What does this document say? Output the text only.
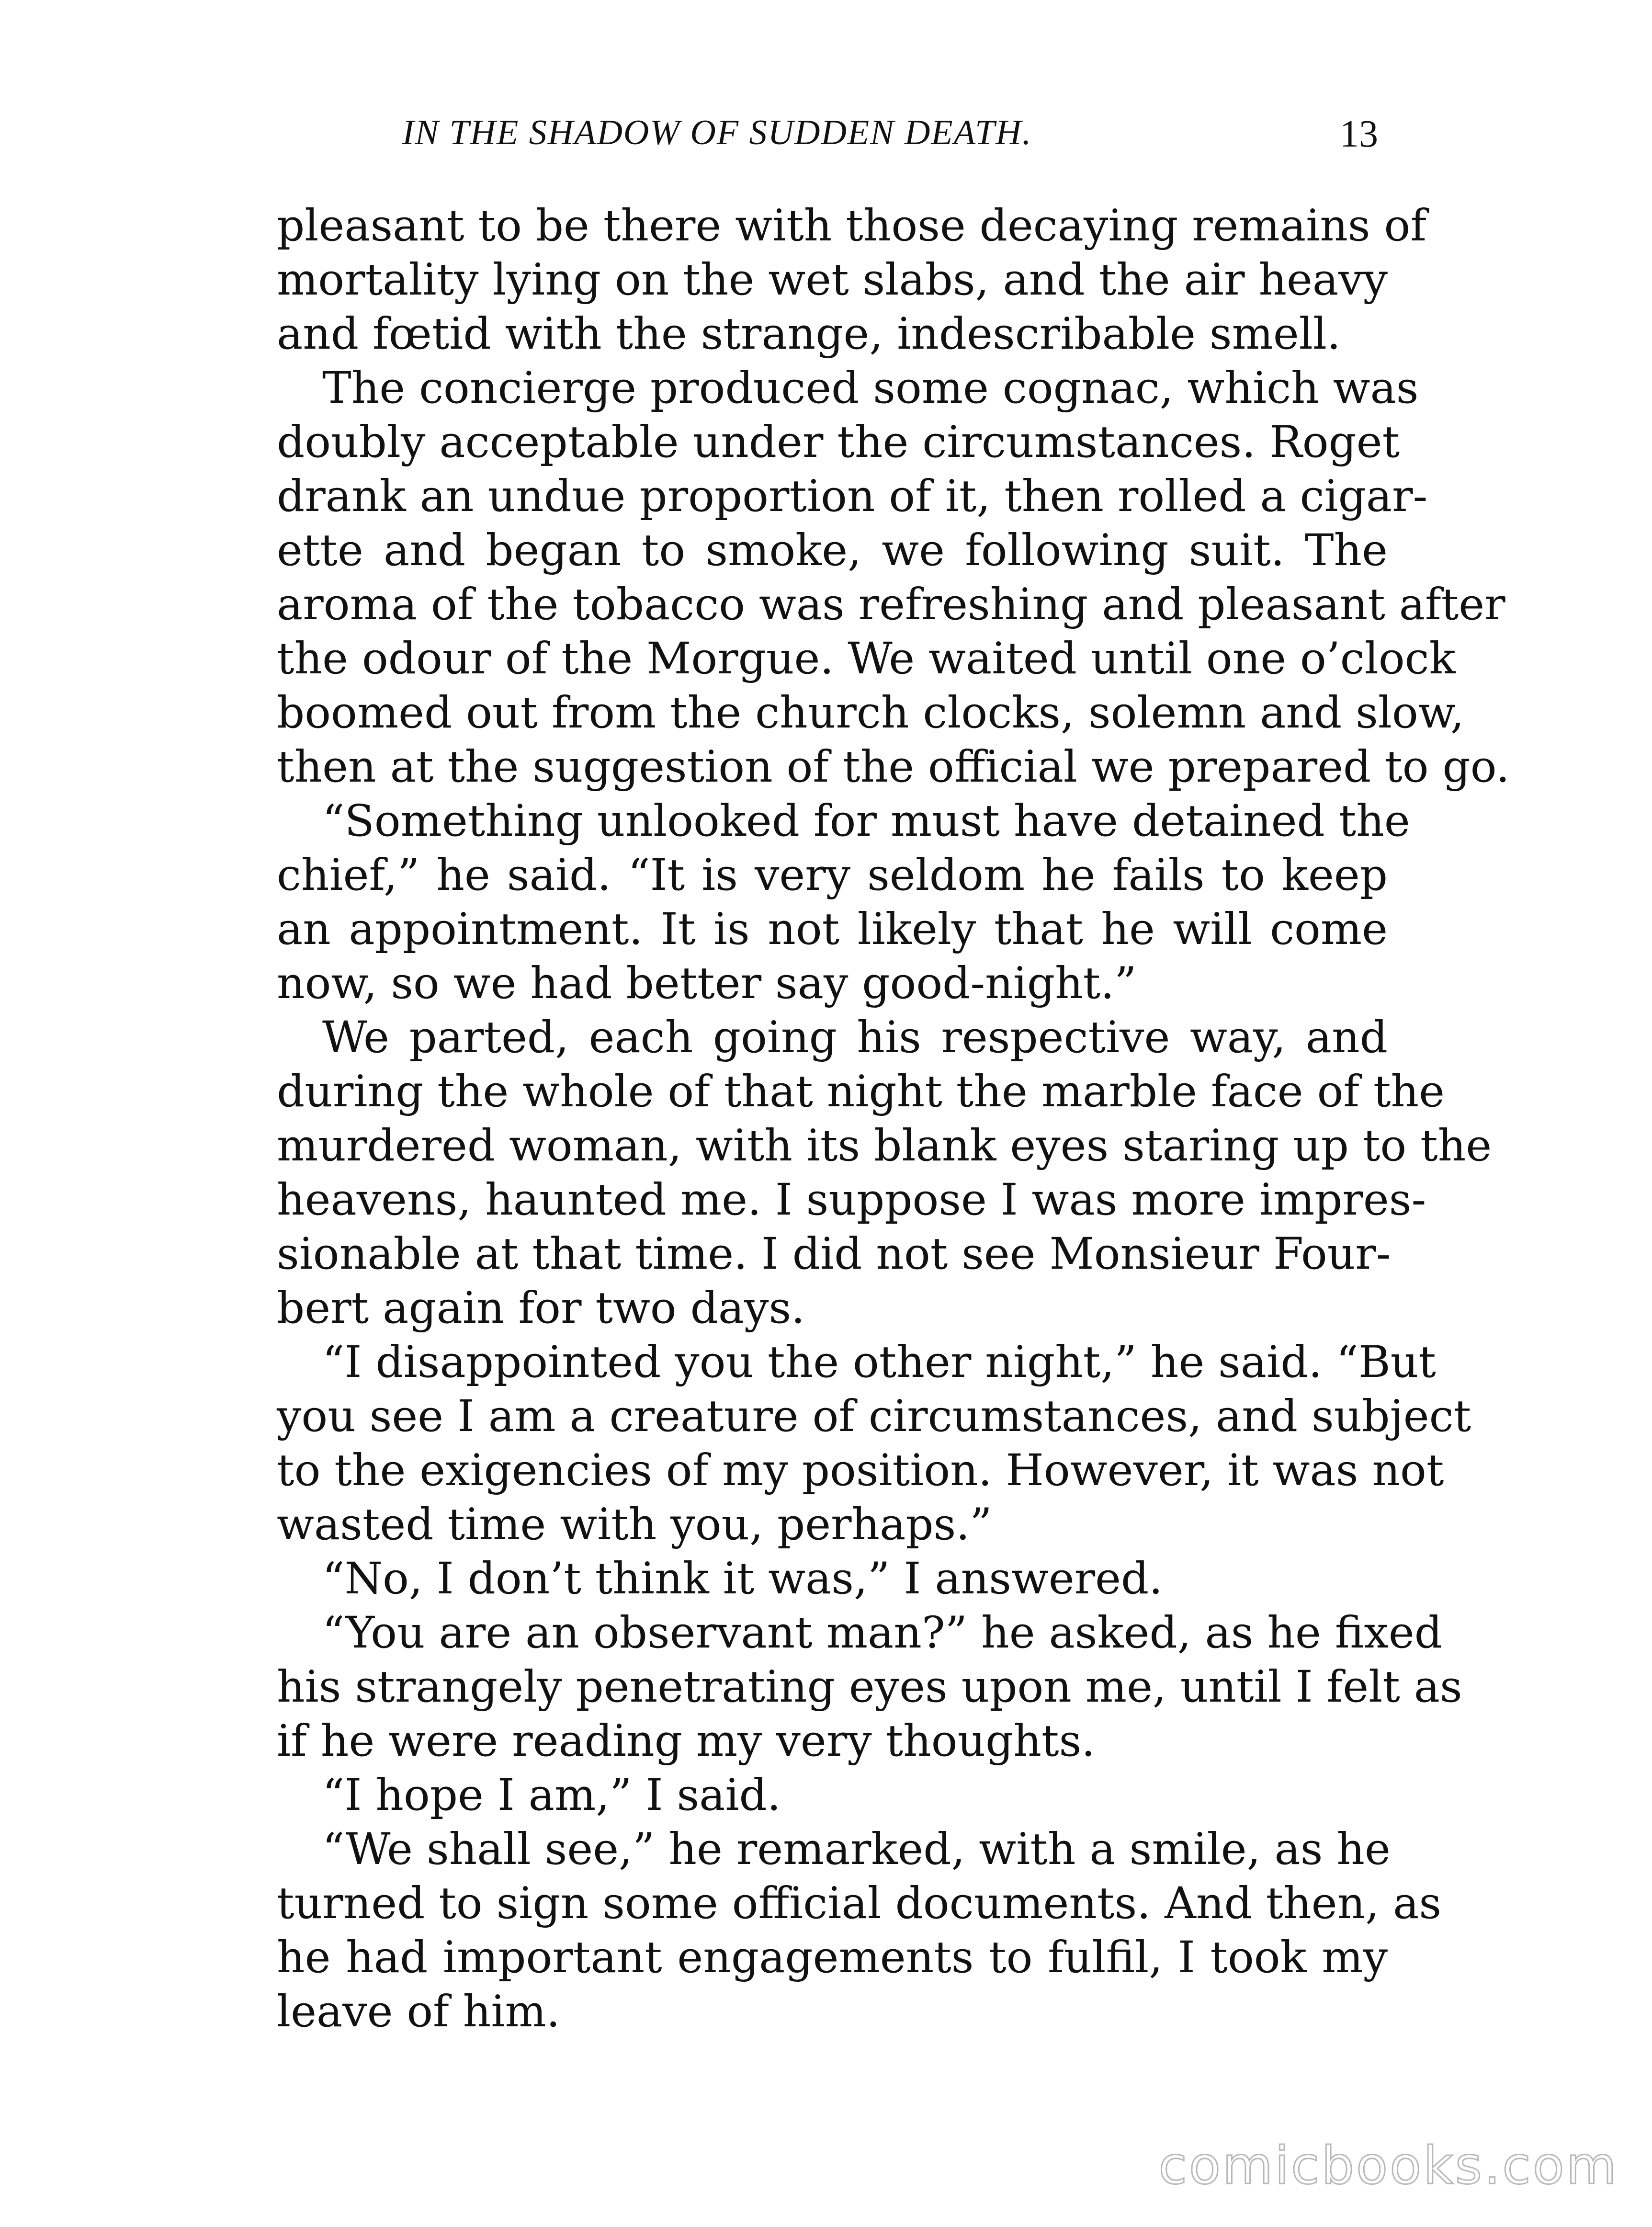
IN THE SHADOW OF SUDDEN DEATH.	13
pleasant to be there with those decaying remains of
mortality lying on the wet slabs, and the air heavy
and fœtid with the strange, indescribable smell.
The concierge produced some cognac, which was
doubly acceptable under the circumstances. Roget
drank an undue proportion of it, then rolled a cigar-
ette and began to smoke, we following suit. The
aroma of the tobacco was refreshing and pleasant after
the odour of the Morgue. We waited until one o’clock
boomed out from the church clocks, solemn and slow,
then at the suggestion of the official we prepared to go.
“Something unlooked for must have detained the
chief,” he said. “It is very seldom he fails to keep
an appointment. It is not likely that he will come
now, so we had better say good-night.”
We parted, each going his respective way, and
during the whole of that night the marble face of the
murdered woman, with its blank eyes staring up to the
heavens, haunted me. I suppose I was more impres-
sionable at that time. I did not see Monsieur Four-
bert again for two days.
“I disappointed you the other night,” he said. “But
you see I am a creature of circumstances, and subject
to the exigencies of my position. However, it was not
wasted time with you, perhaps.”
“No, I don’t think it was,” I answered.
“You are an observant man?” he asked, as he fixed
his strangely penetrating eyes upon me, until I felt as
if he were reading my very thoughts.
“I hope I am,” I said.
“We shall see,” he remarked, with a smile, as he
turned to sign some official documents. And then, as
he had important engagements to fulfil, I took my
leave of him.
comicbooks.com
